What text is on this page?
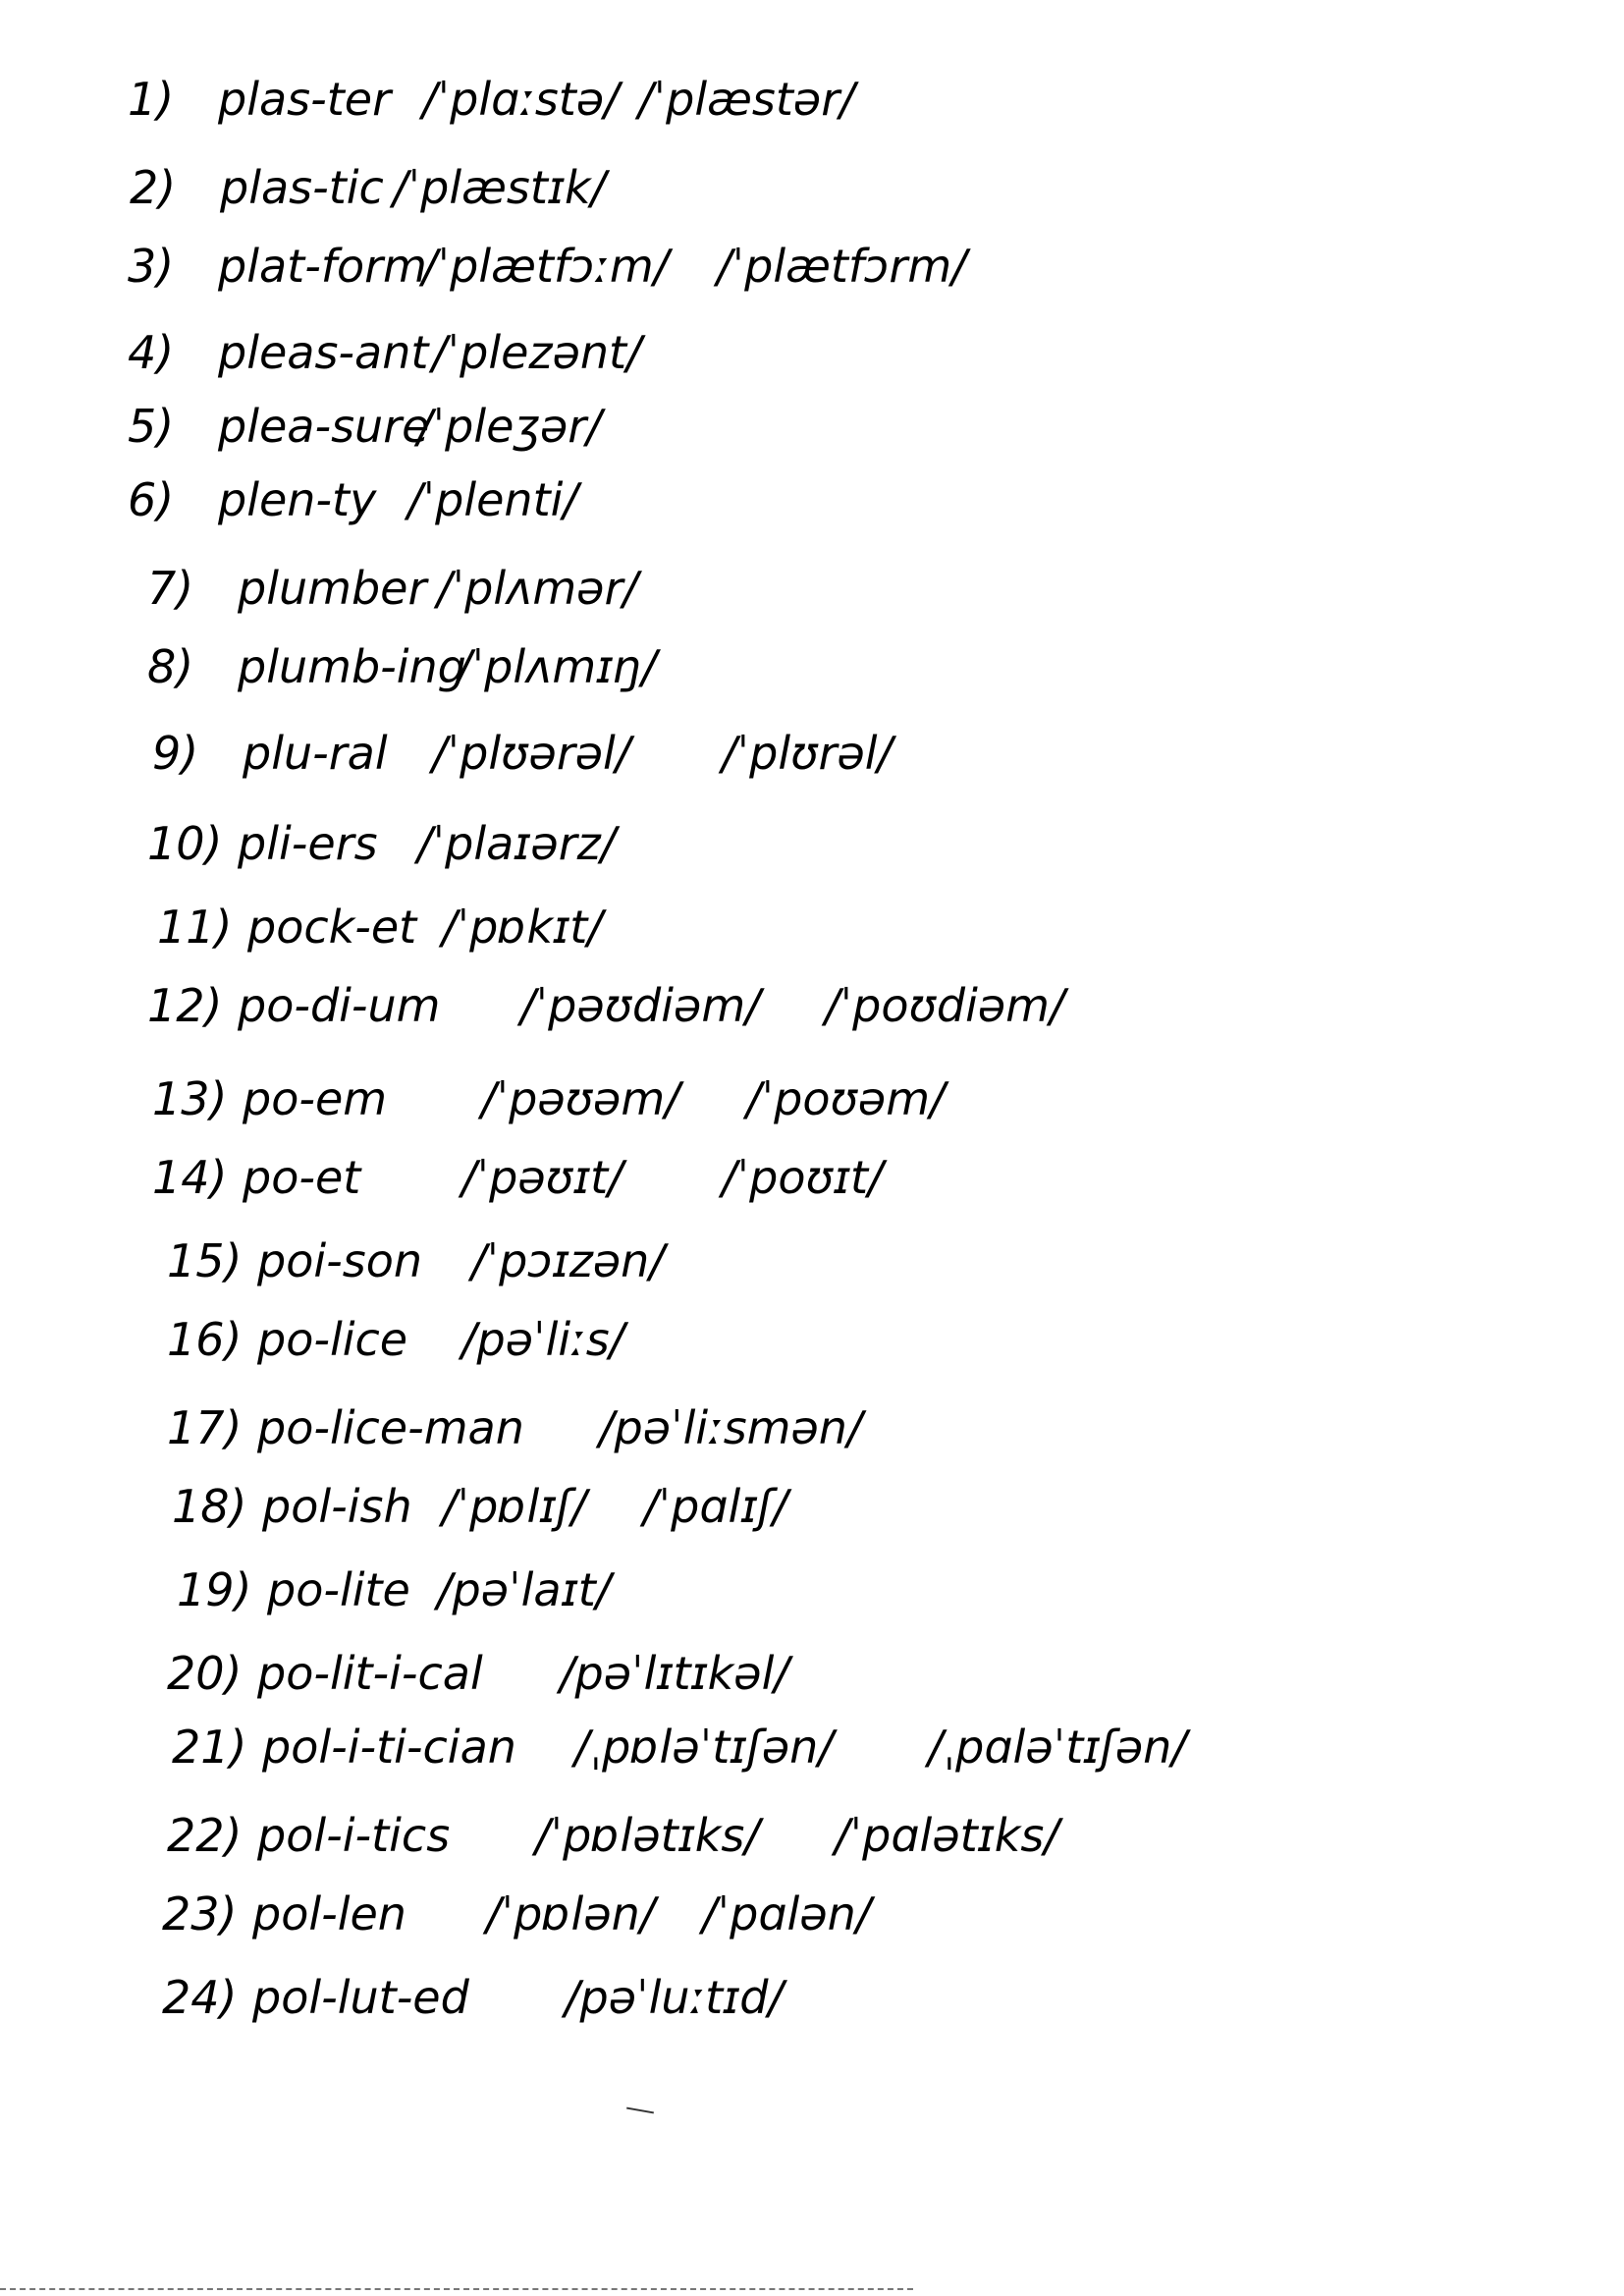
1) plas-ter /ˈplɑːstə/ /ˈplæstər/
2) plas-tic /ˈplæstɪk/
3) plat-form
/ˈplætfɔːm/ /ˈplætfɔrm/
4) pleas-ant /ˈplezənt/
5) plea-sure
/ˈpleʒər/
6) plen-ty /ˈplenti/
7) plumber /ˈplʌmər/
8) plumb-ing
/ˈplʌmɪŋ/
9) plu-ral /ˈplʊərəl/ /ˈplʊrəl/
10) pli-ers /ˈplaɪərz/
11) pock-et /ˈpɒkɪt/
12) po-di-um /ˈpəʊdiəm/ /ˈpoʊdiəm/
13) po-em /ˈpəʊəm/ /ˈpoʊəm/
14) po-et /ˈpəʊɪt/ /ˈpoʊɪt/
15) poi-son /ˈpɔɪzən/
16) po-lice /pəˈliːs/
17) po-lice-man /pəˈliːsmən/
18) pol-ish /ˈpɒlɪʃ/ /ˈpɑlɪʃ/
19) po-lite /pəˈlaɪt/
20) po-lit-i-cal /pəˈlɪtɪkəl/
21) pol-i-ti-cian /ˌpɒləˈtɪʃən/ /ˌpɑləˈtɪʃən/
22) pol-i-tics /ˈpɒlətɪks/ /ˈpɑlətɪks/
23) pol-len /ˈpɒlən/ /ˈpɑlən/
24) pol-lut-ed /pəˈluːtɪd/
